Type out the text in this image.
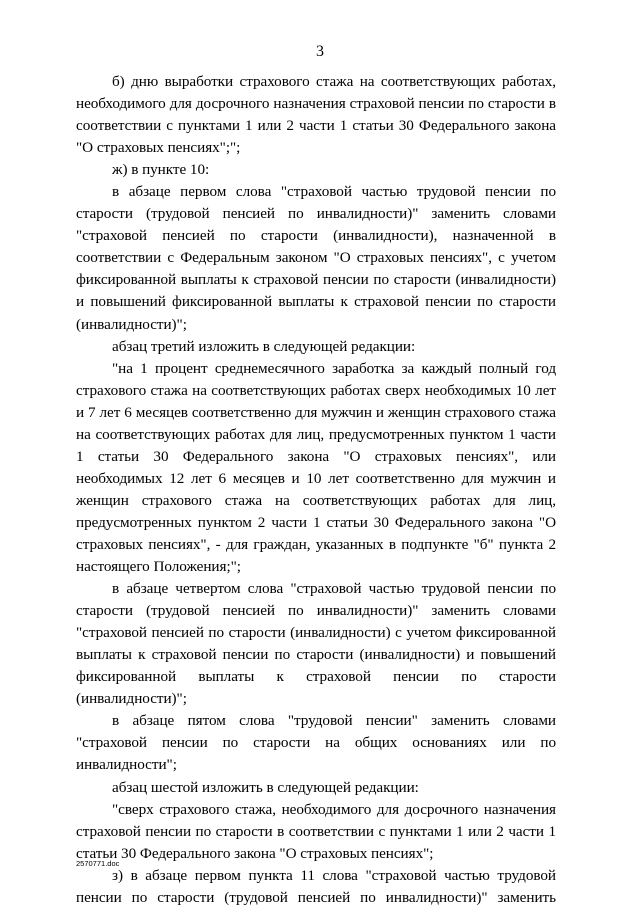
3

б) дню выработки страхового стажа на соответствующих работах, необходимого для досрочного назначения страховой пенсии по старости в соответствии с пунктами 1 или 2 части 1 статьи 30 Федерального закона "О страховых пенсиях";";

ж) в пункте 10:

в абзаце первом слова "страховой частью трудовой пенсии по старости (трудовой пенсией по инвалидности)" заменить словами "страховой пенсией по старости (инвалидности), назначенной в соответствии с Федеральным законом "О страховых пенсиях", с учетом фиксированной выплаты к страховой пенсии по старости (инвалидности) и повышений фиксированной выплаты к страховой пенсии по старости (инвалидности)";

абзац третий изложить в следующей редакции:

"на 1 процент среднемесячного заработка за каждый полный год страхового стажа на соответствующих работах сверх необходимых 10 лет и 7 лет 6 месяцев соответственно для мужчин и женщин страхового стажа на соответствующих работах для лиц, предусмотренных пунктом 1 части 1 статьи 30 Федерального закона "О страховых пенсиях", или необходимых 12 лет 6 месяцев и 10 лет соответственно для мужчин и женщин страхового стажа на соответствующих работах для лиц, предусмотренных пунктом 2 части 1 статьи 30 Федерального закона "О страховых пенсиях", - для граждан, указанных в подпункте "б" пункта 2 настоящего Положения;";

в абзаце четвертом слова "страховой частью трудовой пенсии по старости (трудовой пенсией по инвалидности)" заменить словами "страховой пенсией по старости (инвалидности) с учетом фиксированной выплаты к страховой пенсии по старости (инвалидности) и повышений фиксированной выплаты к страховой пенсии по старости (инвалидности)";

в абзаце пятом слова "трудовой пенсии" заменить словами "страховой пенсии по старости на общих основаниях или по инвалидности";

абзац шестой изложить в следующей редакции:

"сверх страхового стажа, необходимого для досрочного назначения страховой пенсии по старости в соответствии с пунктами 1 или 2 части 1 статьи 30 Федерального закона "О страховых пенсиях";

з) в абзаце первом пункта 11 слова "страховой частью трудовой пенсии по старости (трудовой пенсией по инвалидности)" заменить

2570771.doc
